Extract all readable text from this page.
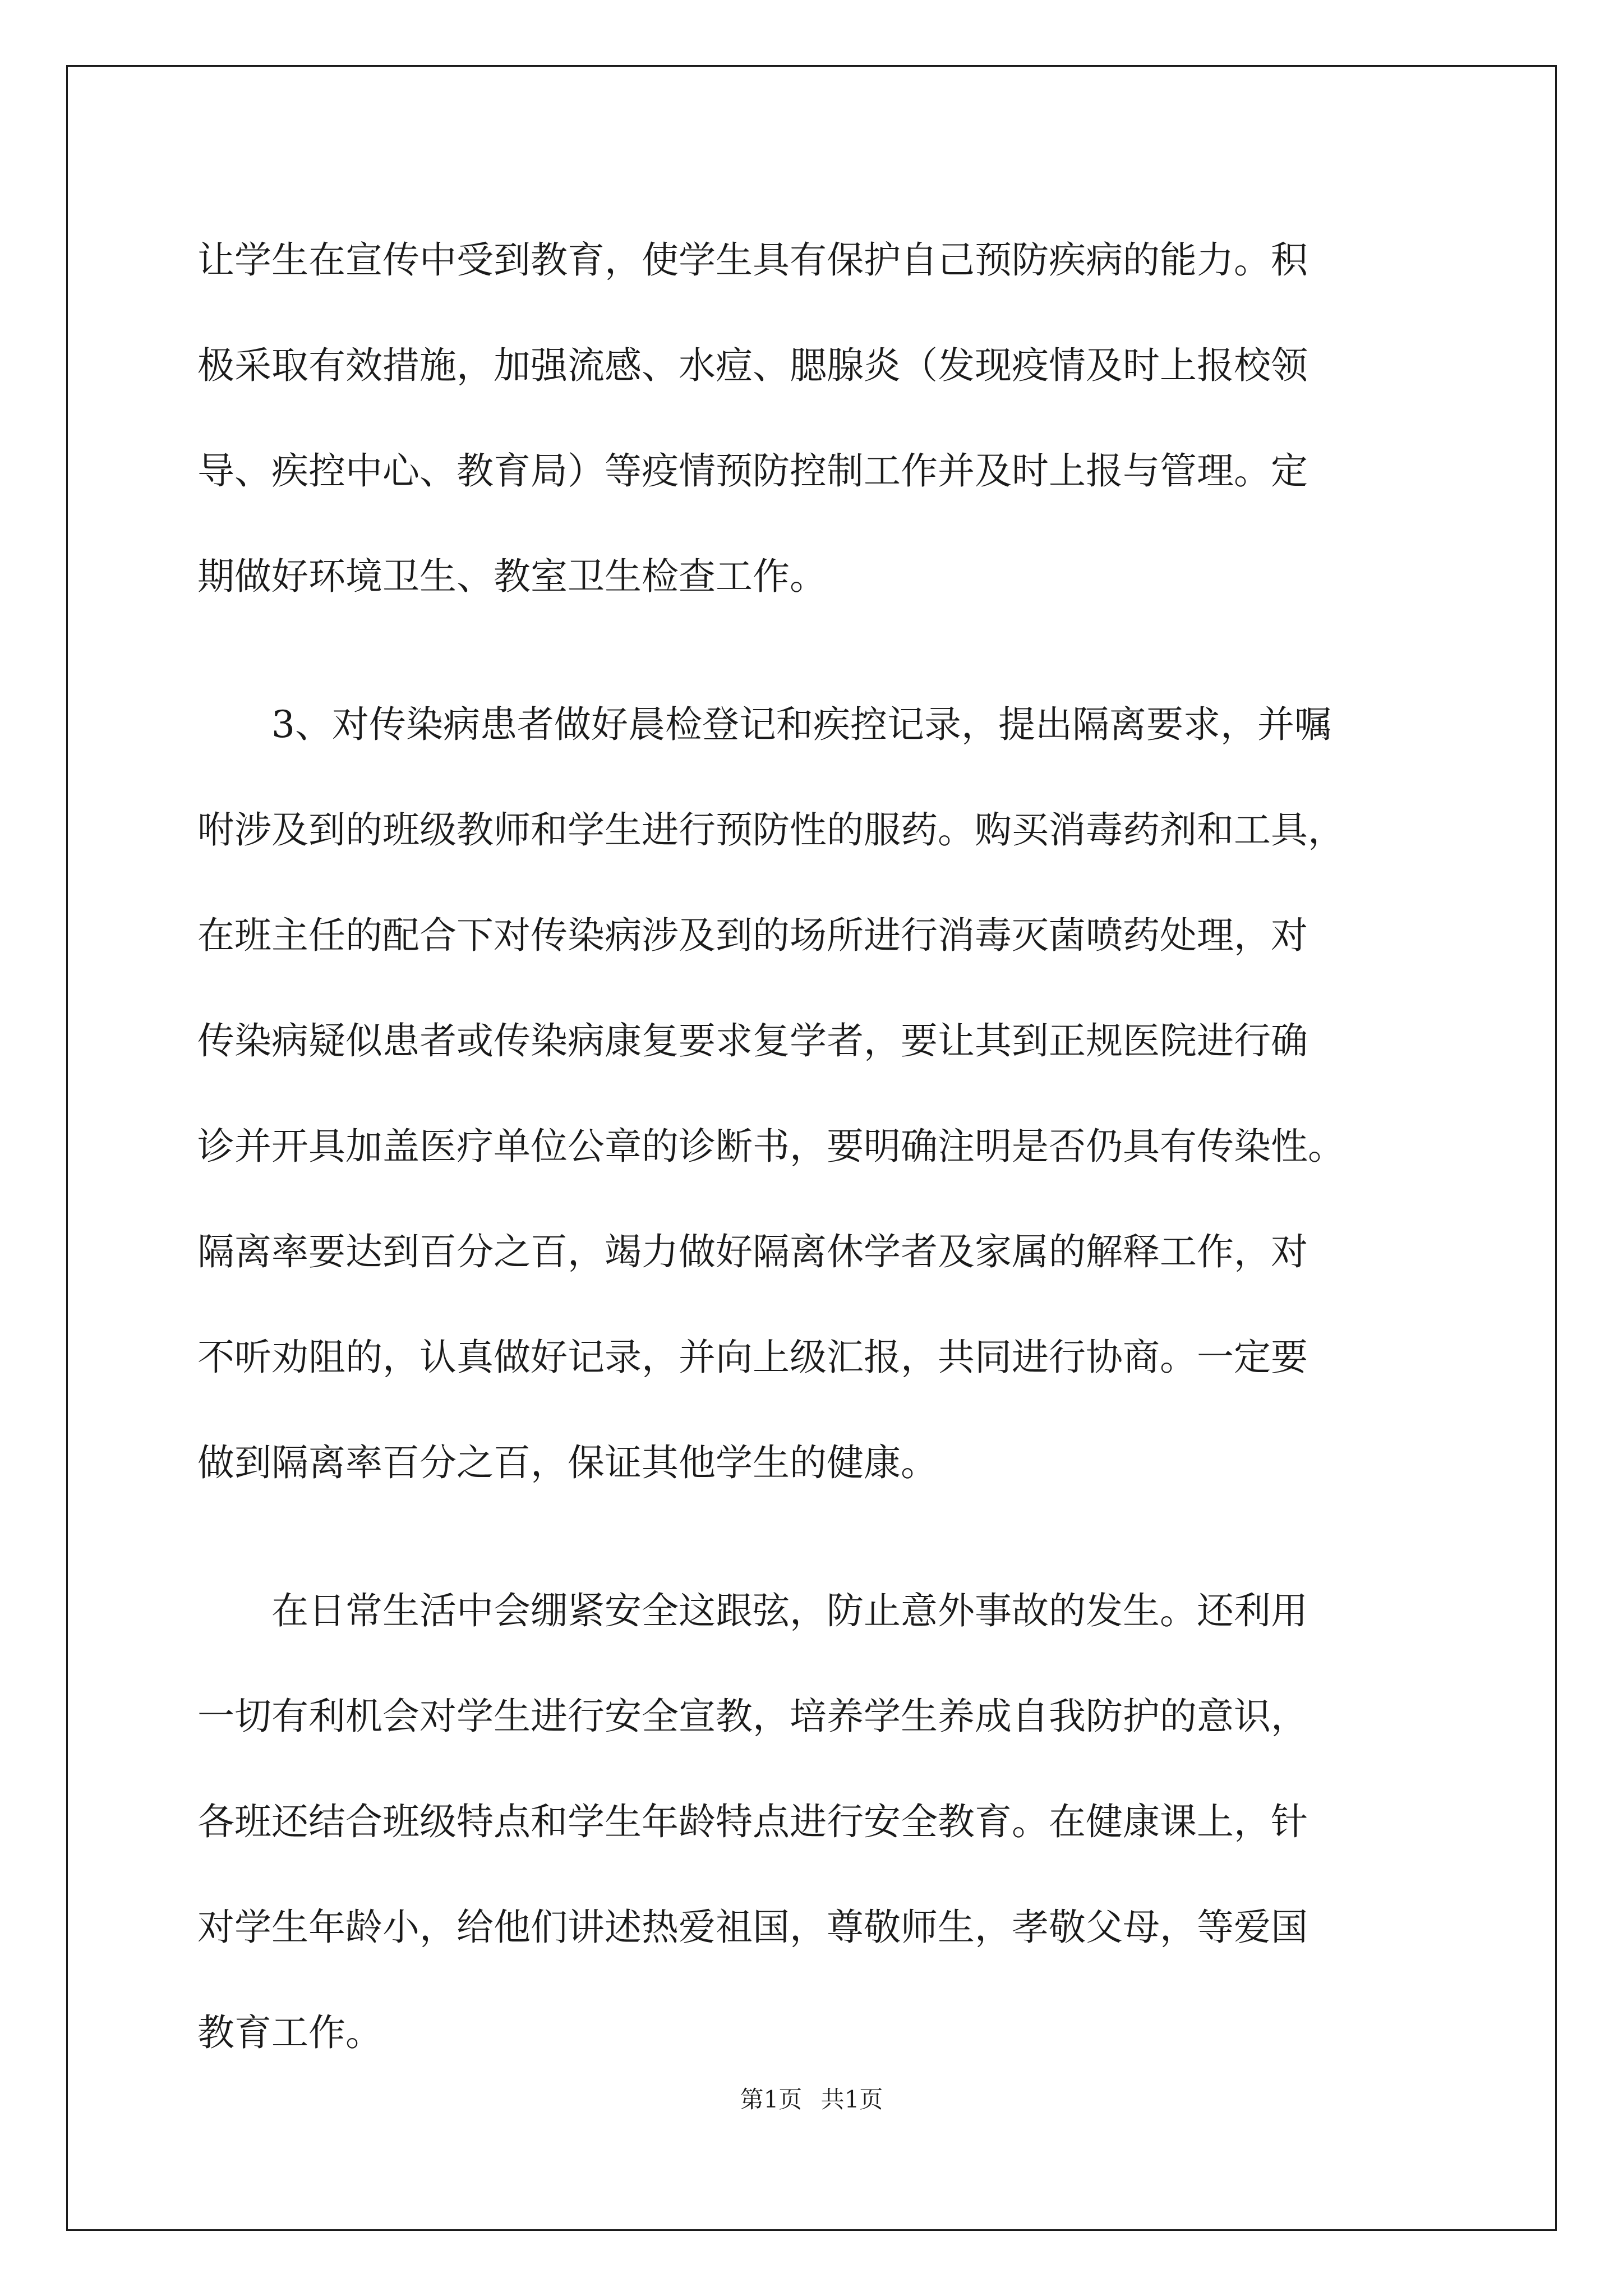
让学生在宣传中受到教育，使学生具有保护自己预防疾病的能力。积
极采取有效措施，加强流感、水痘、腮腺炎（发现疫情及时上报校领
导、疾控中心、教育局）等疫情预防控制工作并及时上报与管理。定
期做好环境卫生、教室卫生检查工作。
　　3、对传染病患者做好晨检登记和疾控记录，提出隔离要求，并嘱
咐涉及到的班级教师和学生进行预防性的服药。购买消毒药剂和工具，
在班主任的配合下对传染病涉及到的场所进行消毒灭菌喷药处理，对
传染病疑似患者或传染病康复要求复学者，要让其到正规医院进行确
诊并开具加盖医疗单位公章的诊断书，要明确注明是否仍具有传染性。
隔离率要达到百分之百，竭力做好隔离休学者及家属的解释工作，对
不听劝阻的，认真做好记录，并向上级汇报，共同进行协商。一定要
做到隔离率百分之百，保证其他学生的健康。
　　在日常生活中会绷紧安全这跟弦，防止意外事故的发生。还利用
一切有利机会对学生进行安全宣教，培养学生养成自我防护的意识，
各班还结合班级特点和学生年龄特点进行安全教育。在健康课上，针
对学生年龄小，给他们讲述热爱祖国，尊敬师生，孝敬父母，等爱国
教育工作。
第1页 共1页
